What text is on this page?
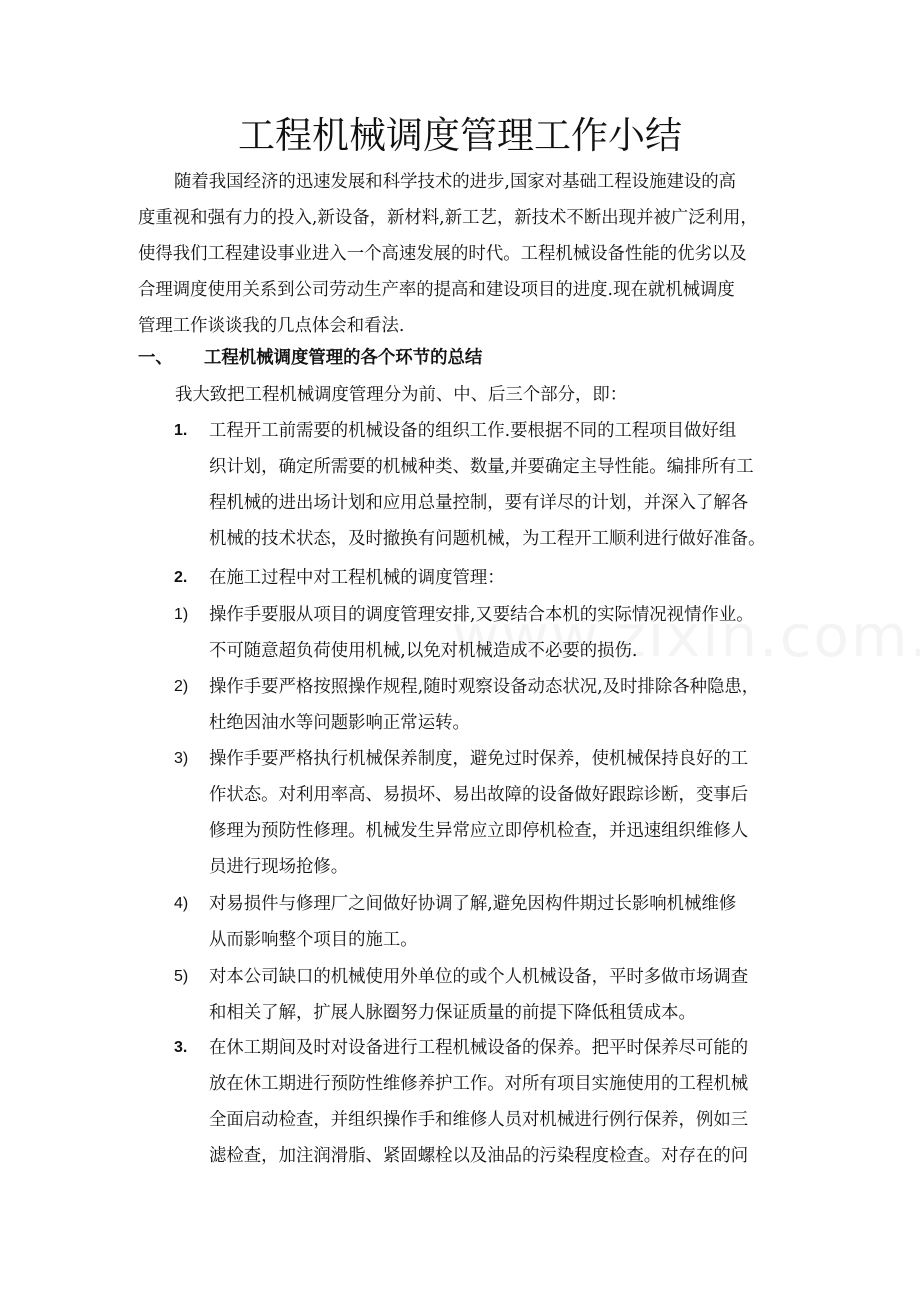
工程机械调度管理工作小结

随着我国经济的迅速发展和科学技术的进步,国家对基础工程设施建设的高
度重视和强有力的投入,新设备，新材料,新工艺，新技术不断出现并被广泛利用，
使得我们工程建设事业进入一个高速发展的时代。工程机械设备性能的优劣以及
合理调度使用关系到公司劳动生产率的提高和建设项目的进度.现在就机械调度
管理工作谈谈我的几点体会和看法.

一、 工程机械调度管理的各个环节的总结
我大致把工程机械调度管理分为前、中、后三个部分，即：
1. 工程开工前需要的机械设备的组织工作.要根据不同的工程项目做好组
织计划，确定所需要的机械种类、数量,并要确定主导性能。编排所有工
程机械的进出场计划和应用总量控制，要有详尽的计划，并深入了解各
机械的技术状态，及时撤换有问题机械，为工程开工顺利进行做好准备。
2. 在施工过程中对工程机械的调度管理：
1) 操作手要服从项目的调度管理安排,又要结合本机的实际情况视情作业。
不可随意超负荷使用机械,以免对机械造成不必要的损伤.
2) 操作手要严格按照操作规程,随时观察设备动态状况,及时排除各种隐患，
杜绝因油水等问题影响正常运转。
3) 操作手要严格执行机械保养制度，避免过时保养，使机械保持良好的工
作状态。对利用率高、易损坏、易出故障的设备做好跟踪诊断，变事后
修理为预防性修理。机械发生异常应立即停机检查，并迅速组织维修人
员进行现场抢修。
4) 对易损件与修理厂之间做好协调了解,避免因构件期过长影响机械维修
从而影响整个项目的施工。
5) 对本公司缺口的机械使用外单位的或个人机械设备，平时多做市场调查
和相关了解，扩展人脉圈努力保证质量的前提下降低租赁成本。
3. 在休工期间及时对设备进行工程机械设备的保养。把平时保养尽可能的
放在休工期进行预防性维修养护工作。对所有项目实施使用的工程机械
全面启动检查，并组织操作手和维修人员对机械进行例行保养，例如三
滤检查，加注润滑脂、紧固螺栓以及油品的污染程度检查。对存在的问
